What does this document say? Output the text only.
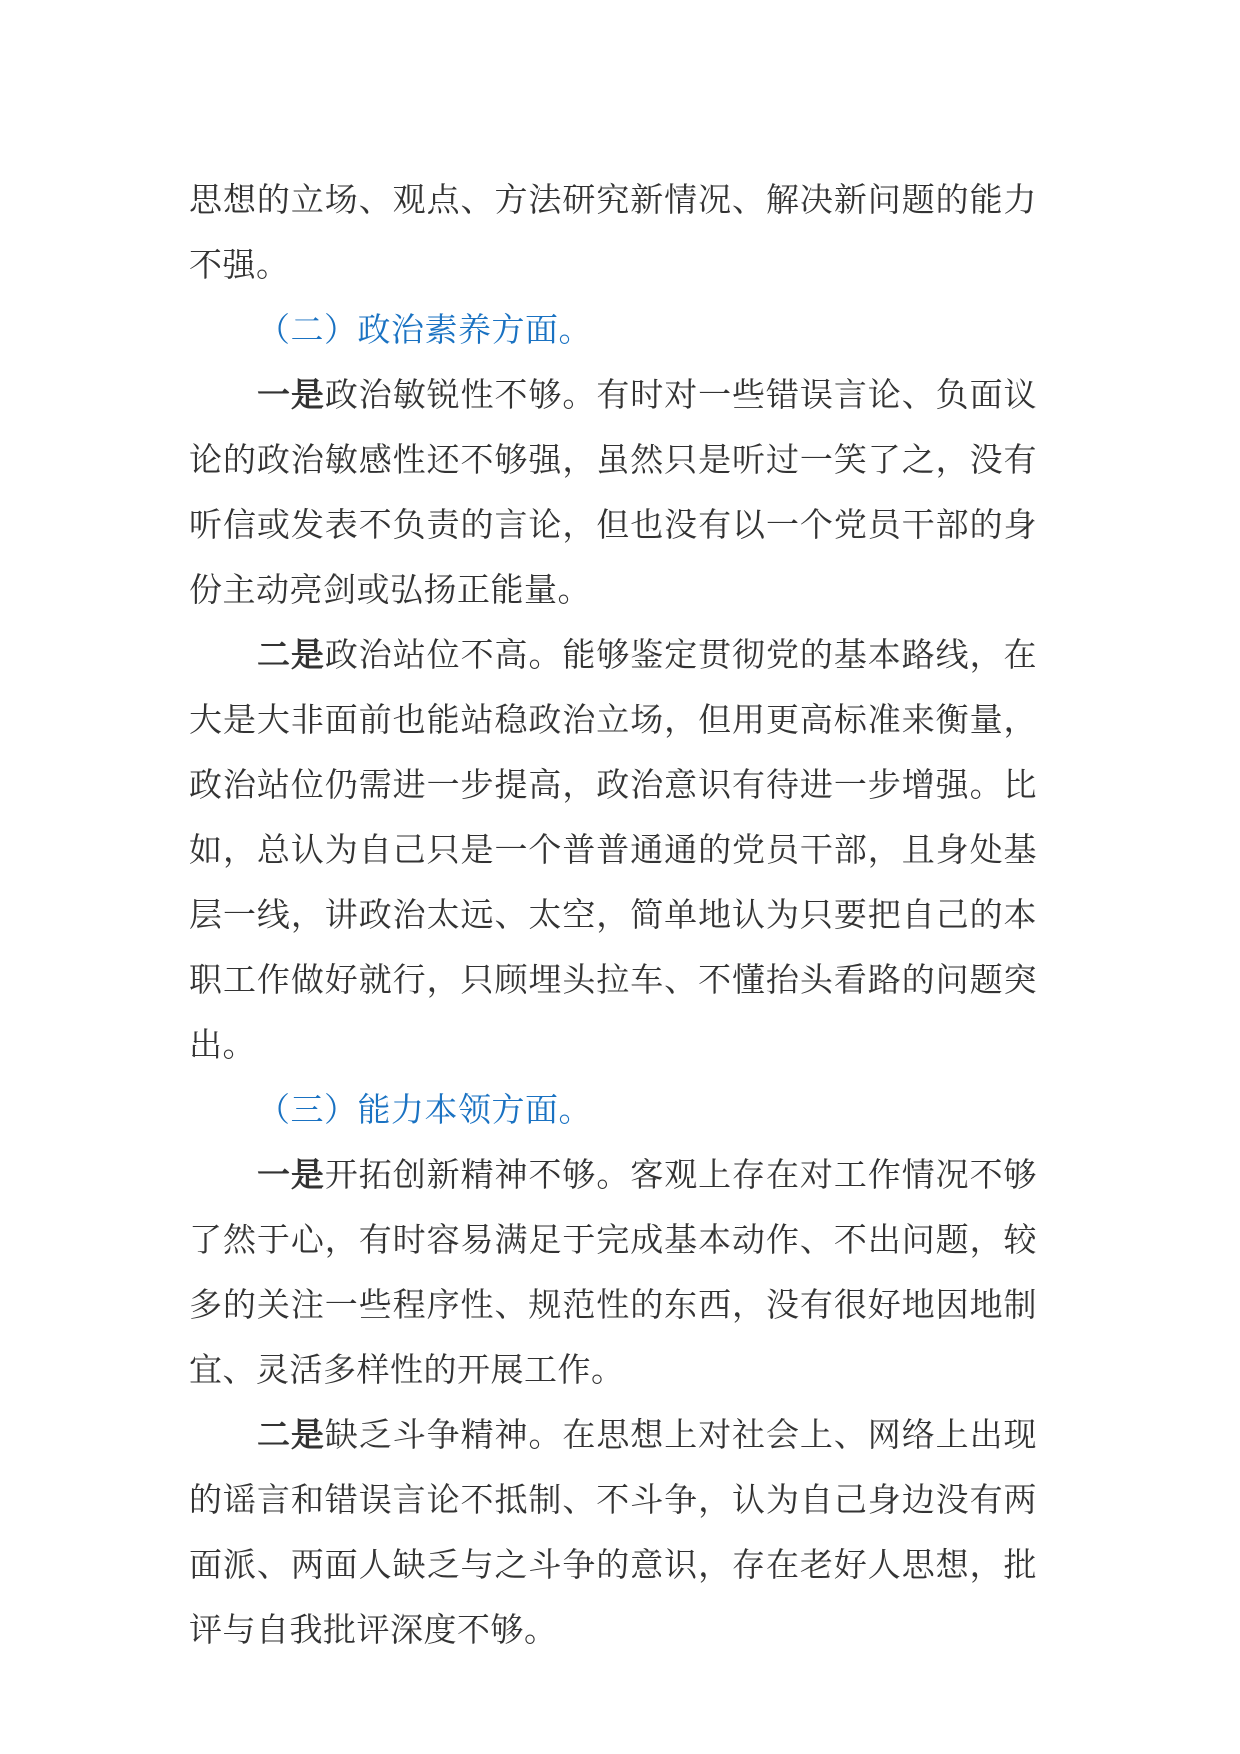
思想的立场、观点、方法研究新情况、解决新问题的能力不强。

（二）政治素养方面。

一是政治敏锐性不够。有时对一些错误言论、负面议论的政治敏感性还不够强，虽然只是听过一笑了之，没有听信或发表不负责的言论，但也没有以一个党员干部的身份主动亮剑或弘扬正能量。

二是政治站位不高。能够鉴定贯彻党的基本路线，在大是大非面前也能站稳政治立场，但用更高标准来衡量，政治站位仍需进一步提高，政治意识有待进一步增强。比如，总认为自己只是一个普普通通的党员干部，且身处基层一线，讲政治太远、太空，简单地认为只要把自己的本职工作做好就行，只顾埋头拉车、不懂抬头看路的问题突出。

（三）能力本领方面。

一是开拓创新精神不够。客观上存在对工作情况不够了然于心，有时容易满足于完成基本动作、不出问题，较多的关注一些程序性、规范性的东西，没有很好地因地制宜、灵活多样性的开展工作。

二是缺乏斗争精神。在思想上对社会上、网络上出现的谣言和错误言论不抵制、不斗争，认为自己身边没有两面派、两面人缺乏与之斗争的意识，存在老好人思想，批评与自我批评深度不够。
